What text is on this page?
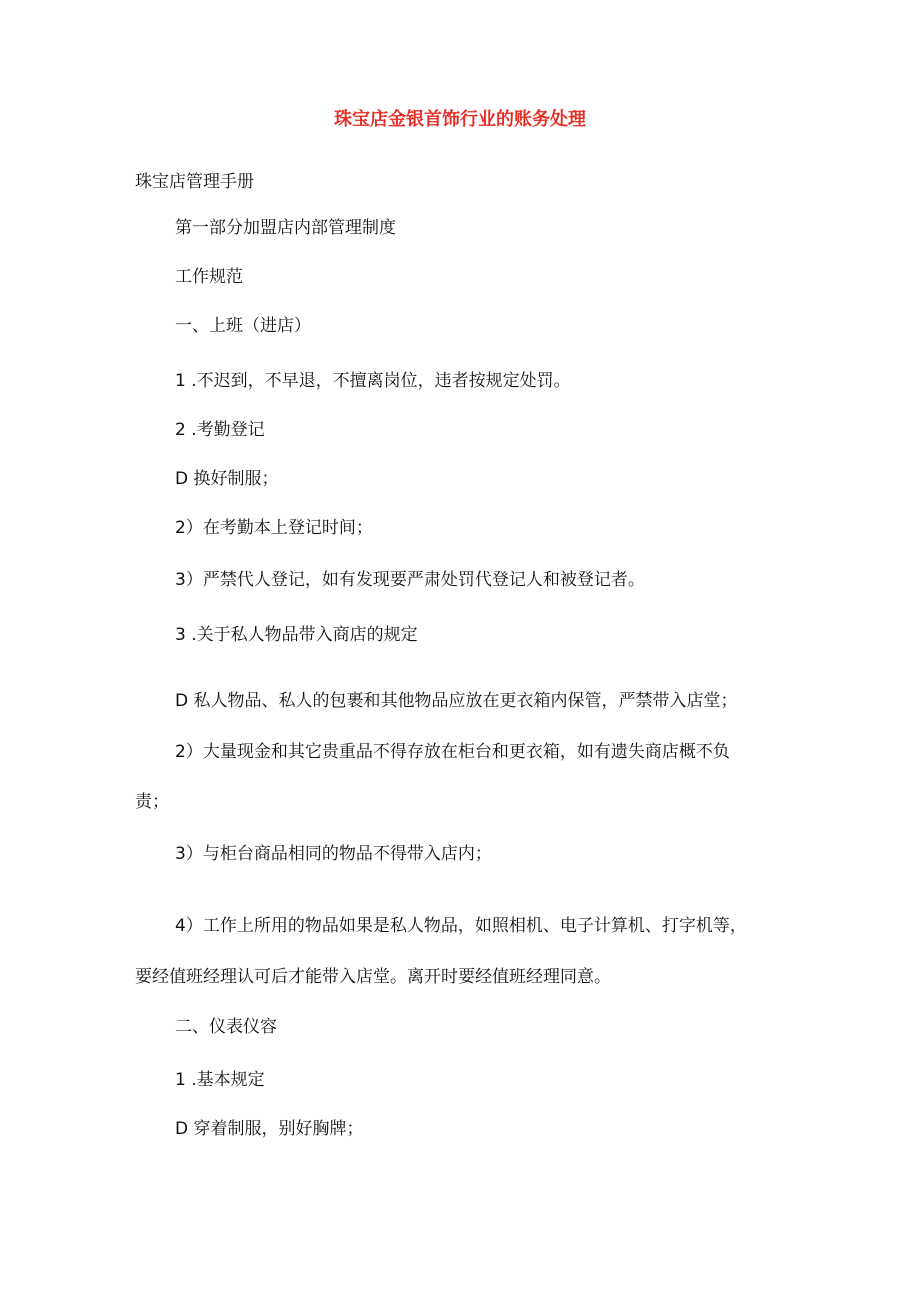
珠宝店金银首饰行业的账务处理
珠宝店管理手册
第一部分加盟店内部管理制度
工作规范
一、上班（进店）
1 .不迟到，不早退，不擅离岗位，违者按规定处罚。
2 .考勤登记
D 换好制服；
2）在考勤本上登记时间；
3）严禁代人登记，如有发现要严肃处罚代登记人和被登记者。
3 .关于私人物品带入商店的规定
D 私人物品、私人的包裹和其他物品应放在更衣箱内保管，严禁带入店堂；
2）大量现金和其它贵重品不得存放在柜台和更衣箱，如有遗失商店概不负
责；
3）与柜台商品相同的物品不得带入店内；
4）工作上所用的物品如果是私人物品，如照相机、电子计算机、打字机等，
要经值班经理认可后才能带入店堂。离开时要经值班经理同意。
二、仪表仪容
1 .基本规定
D 穿着制服，别好胸牌；
